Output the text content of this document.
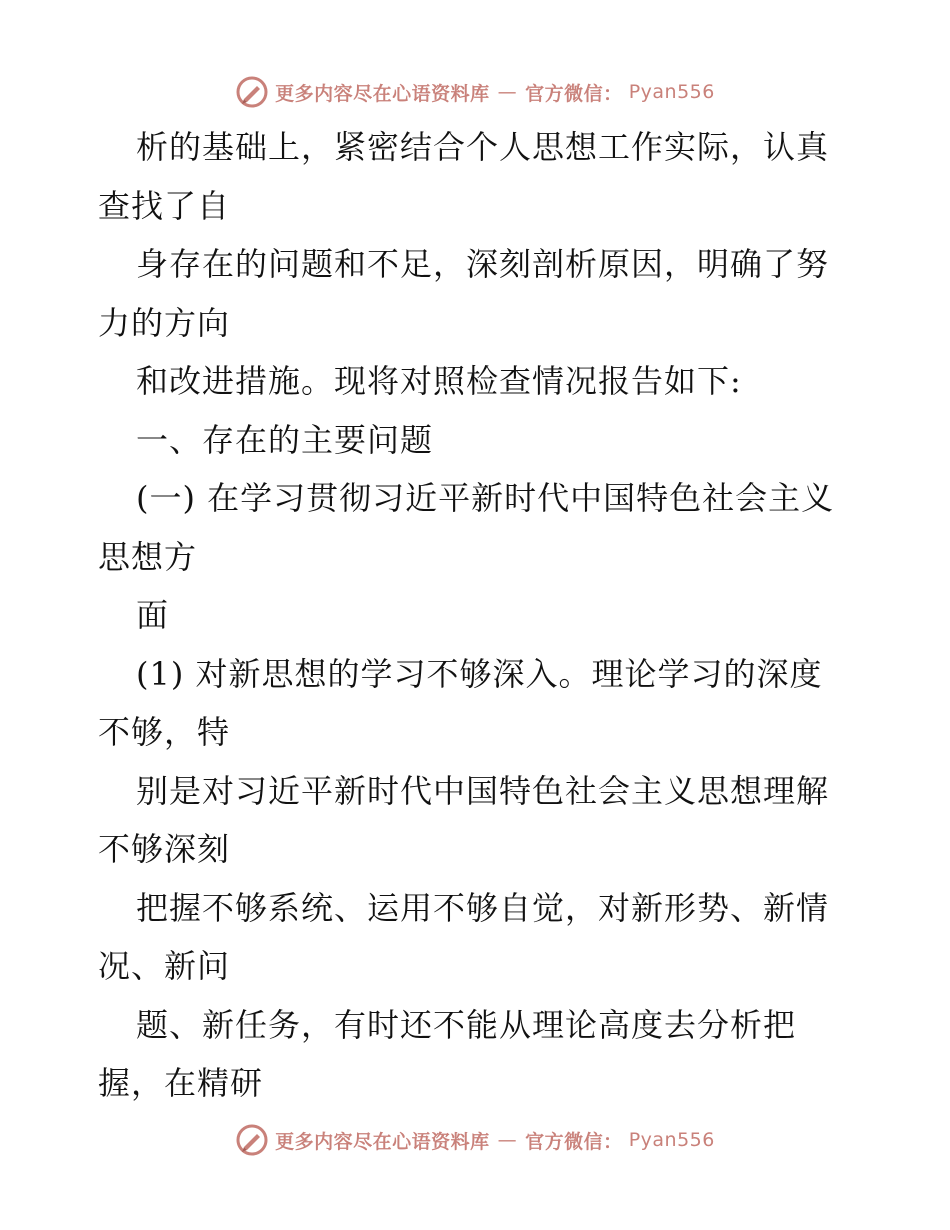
更多内容尽在心语资料库 — 官方微信： Pyan556
析的基础上，紧密结合个人思想工作实际，认真
查找了自
身存在的问题和不足，深刻剖析原因，明确了努
力的方向
和改进措施。现将对照检查情况报告如下:
一、存在的主要问题
(一) 在学习贯彻习近平新时代中国特色社会主义
思想方
面
(1) 对新思想的学习不够深入。理论学习的深度
不够，特
别是对习近平新时代中国特色社会主义思想理解
不够深刻
把握不够系统、运用不够自觉，对新形势、新情
况、新问
题、新任务，有时还不能从理论高度去分析把
握，在精研
更多内容尽在心语资料库 — 官方微信： Pyan556
